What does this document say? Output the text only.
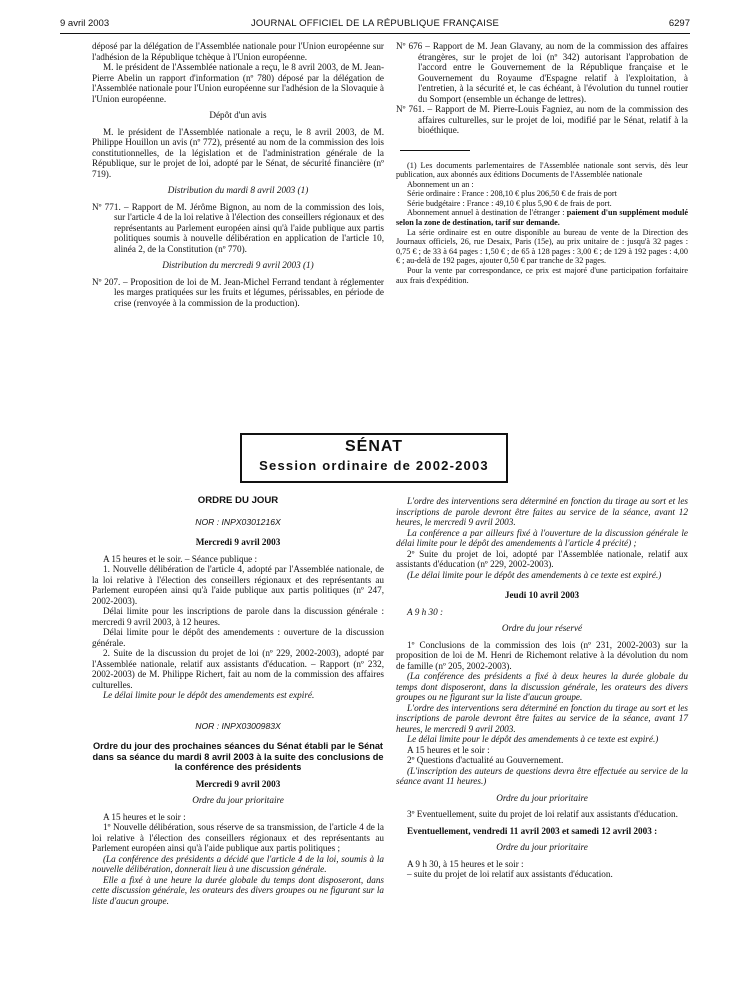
9 avril 2003	JOURNAL OFFICIEL DE LA RÉPUBLIQUE FRANÇAISE	6297

déposé par la délégation de l'Assemblée nationale pour l'Union européenne sur l'adhésion de la République tchèque à l'Union européenne.

M. le président de l'Assemblée nationale a reçu, le 8 avril 2003, de M. Jean-Pierre Abelin un rapport d'information (nº 780) déposé par la délégation de l'Assemblée nationale pour l'Union européenne sur l'adhésion de la Slovaquie à l'Union européenne.

Dépôt d'un avis

M. le président de l'Assemblée nationale a reçu, le 8 avril 2003, de M. Philippe Houillon un avis (nº 772), présenté au nom de la commission des lois constitutionnelles, de la législation et de l'administration générale de la République, sur le projet de loi, adopté par le Sénat, de sécurité financière (nº 719).

Distribution du mardi 8 avril 2003 (1)

Nº 771. – Rapport de M. Jérôme Bignon, au nom de la commission des lois, sur l'article 4 de la loi relative à l'élection des conseillers régionaux et des représentants au Parlement européen ainsi qu'à l'aide publique aux partis politiques soumis à nouvelle délibération en application de l'article 10, alinéa 2, de la Constitution (nº 770).

Distribution du mercredi 9 avril 2003 (1)

Nº 207. – Proposition de loi de M. Jean-Michel Ferrand tendant à réglementer les marges pratiquées sur les fruits et légumes, périssables, en période de crise (renvoyée à la commission de la production).

Nº 676 – Rapport de M. Jean Glavany, au nom de la commission des affaires étrangères, sur le projet de loi (nº 342) autorisant l'approbation de l'accord entre le Gouvernement de la République française et le Gouvernement du Royaume d'Espagne relatif à l'exploitation, à l'entretien, à la sécurité et, le cas échéant, à l'évolution du tunnel routier du Somport (ensemble un échange de lettres).

Nº 761. – Rapport de M. Pierre-Louis Fagniez, au nom de la commission des affaires culturelles, sur le projet de loi, modifié par le Sénat, relatif à la bioéthique.

(1) Les documents parlementaires de l'Assemblée nationale sont servis, dès leur publication, aux abonnés aux éditions Documents de l'Assemblée nationale

Abonnement un an :

Série ordinaire : France : 208,10 € plus 206,50 € de frais de port

Série budgétaire : France : 49,10 € plus 5,90 € de frais de port.

Abonnement annuel à destination de l'étranger : paiement d'un supplément modulé selon la zone de destination, tarif sur demande.

La série ordinaire est en outre disponible au bureau de vente de la Direction des Journaux officiels, 26, rue Desaix, Paris (15e), au prix unitaire de : jusqu'à 32 pages : 0,75 € ; de 33 à 64 pages : 1,50 € ; de 65 à 128 pages : 3,00 € ; de 129 à 192 pages : 4,00 € ; au-delà de 192 pages, ajouter 0,50 € par tranche de 32 pages.

Pour la vente par correspondance, ce prix est majoré d'une participation forfaitaire aux frais d'expédition.

SÉNAT
Session ordinaire de 2002-2003

ORDRE DU JOUR

NOR : INPX0301216X

Mercredi 9 avril 2003

A 15 heures et le soir. – Séance publique :

1. Nouvelle délibération de l'article 4, adopté par l'Assemblée nationale, de la loi relative à l'élection des conseillers régionaux et des représentants au Parlement européen ainsi qu'à l'aide publique aux partis politiques (nº 247, 2002-2003).

Délai limite pour les inscriptions de parole dans la discussion générale : mercredi 9 avril 2003, à 12 heures.

Délai limite pour le dépôt des amendements : ouverture de la discussion générale.

2. Suite de la discussion du projet de loi (nº 229, 2002-2003), adopté par l'Assemblée nationale, relatif aux assistants d'éducation. – Rapport (nº 232, 2002-2003) de M. Philippe Richert, fait au nom de la commission des affaires culturelles.

Le délai limite pour le dépôt des amendements est expiré.

NOR : INPX0300983X

Ordre du jour des prochaines séances du Sénat établi par le Sénat dans sa séance du mardi 8 avril 2003 à la suite des conclusions de la conférence des présidents

Mercredi 9 avril 2003

Ordre du jour prioritaire

A 15 heures et le soir :

1º Nouvelle délibération, sous réserve de sa transmission, de l'article 4 de la loi relative à l'élection des conseillers régionaux et des représentants au Parlement européen ainsi qu'à l'aide publique aux partis politiques ;

(La conférence des présidents a décidé que l'article 4 de la loi, soumis à la nouvelle délibération, donnerait lieu à une discussion générale.

Elle a fixé à une heure la durée globale du temps dont disposeront, dans cette discussion générale, les orateurs des divers groupes ou ne figurant sur la liste d'aucun groupe.

L'ordre des interventions sera déterminé en fonction du tirage au sort et les inscriptions de parole devront être faites au service de la séance, avant 12 heures, le mercredi 9 avril 2003.

La conférence a par ailleurs fixé à l'ouverture de la discussion générale le délai limite pour le dépôt des amendements à l'article 4 précité) ;

2º Suite du projet de loi, adopté par l'Assemblée nationale, relatif aux assistants d'éducation (nº 229, 2002-2003).

(Le délai limite pour le dépôt des amendements à ce texte est expiré.)

Jeudi 10 avril 2003

A 9 h 30 :

Ordre du jour réservé

1º Conclusions de la commission des lois (nº 231, 2002-2003) sur la proposition de loi de M. Henri de Richemont relative à la dévolution du nom de famille (nº 205, 2002-2003).

(La conférence des présidents a fixé à deux heures la durée globale du temps dont disposeront, dans la discussion générale, les orateurs des divers groupes ou ne figurant sur la liste d'aucun groupe.

L'ordre des interventions sera déterminé en fonction du tirage au sort et les inscriptions de parole devront être faites au service de la séance, avant 17 heures, le mercredi 9 avril 2003.

Le délai limite pour le dépôt des amendements à ce texte est expiré.)

A 15 heures et le soir :

2º Questions d'actualité au Gouvernement.

(L'inscription des auteurs de questions devra être effectuée au service de la séance avant 11 heures.)

Ordre du jour prioritaire

3º Eventuellement, suite du projet de loi relatif aux assistants d'éducation.

Eventuellement, vendredi 11 avril 2003 et samedi 12 avril 2003 :

Ordre du jour prioritaire

A 9 h 30, à 15 heures et le soir :

– suite du projet de loi relatif aux assistants d'éducation.
